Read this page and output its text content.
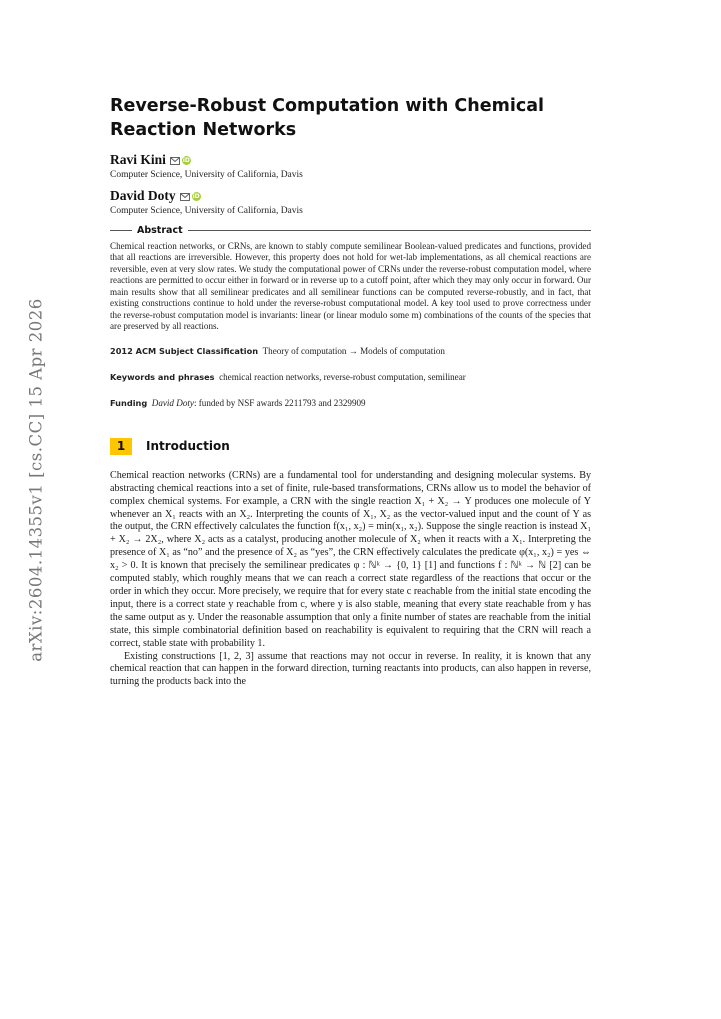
arXiv:2604.14355v1 [cs.CC] 15 Apr 2026
Reverse-Robust Computation with Chemical
Reaction Networks
Ravi Kini	iD
Computer Science, University of California, Davis
David Doty	iD
Computer Science, University of California, Davis
Abstract

Chemical reaction networks, or CRNs, are known to stably compute semilinear Boolean-valued predicates and functions, provided that all reactions are irreversible. However, this property does not hold for wet-lab implementations, as all chemical reactions are reversible, even at very slow rates. We study the computational power of CRNs under the reverse-robust computation model, where reactions are permitted to occur either in forward or in reverse up to a cutoff point, after which they may only occur in forward. Our main results show that all semilinear predicates and all semilinear functions can be computed reverse-robustly, and in fact, that existing constructions continue to hold under the reverse-robust computational model. A key tool used to prove correctness under the reverse-robust computation model is invariants: linear (or linear modulo some m) combinations of the counts of the species that are preserved by all reactions.

2012 ACM Subject Classification Theory of computation → Models of computation
Keywords and phrases chemical reaction networks, reverse-robust computation, semilinear
Funding David Doty: funded by NSF awards 2211793 and 2329909
1	Introduction

Chemical reaction networks (CRNs) are a fundamental tool for understanding and designing molecular systems. By abstracting chemical reactions into a set of finite, rule-based transformations, CRNs allow us to model the behavior of complex chemical systems. For example, a CRN with the single reaction X₁ + X₂ → Y produces one molecule of Y whenever an X₁ reacts with an X₂. Interpreting the counts of X₁, X₂ as the vector-valued input and the count of Y as the output, the CRN effectively calculates the function f(x₁, x₂) = min(x₁, x₂). Suppose the single reaction is instead X₁ + X₂ → 2X₂, where X₂ acts as a catalyst, producing another molecule of X₂ when it reacts with a X₁. Interpreting the presence of X₁ as “no” and the presence of X₂ as “yes”, the CRN effectively calculates the predicate φ(x₁, x₂) = yes ⇔ x₂ > 0. It is known that precisely the semilinear predicates φ : ℕᵏ → {0, 1} [1] and functions f : ℕᵏ → ℕ [2] can be computed stably, which roughly means that we can reach a correct state regardless of the reactions that occur or the order in which they occur. More precisely, we require that for every state c reachable from the initial state encoding the input, there is a correct state y reachable from c, where y is also stable, meaning that every state reachable from y has the same output as y. Under the reasonable assumption that only a finite number of states are reachable from the initial state, this simple combinatorial definition based on reachability is equivalent to requiring that the CRN will reach a correct, stable state with probability 1.

Existing constructions [1, 2, 3] assume that reactions may not occur in reverse. In reality, it is known that any chemical reaction that can happen in the forward direction, turning reactants into products, can also happen in reverse, turning the products back into the
